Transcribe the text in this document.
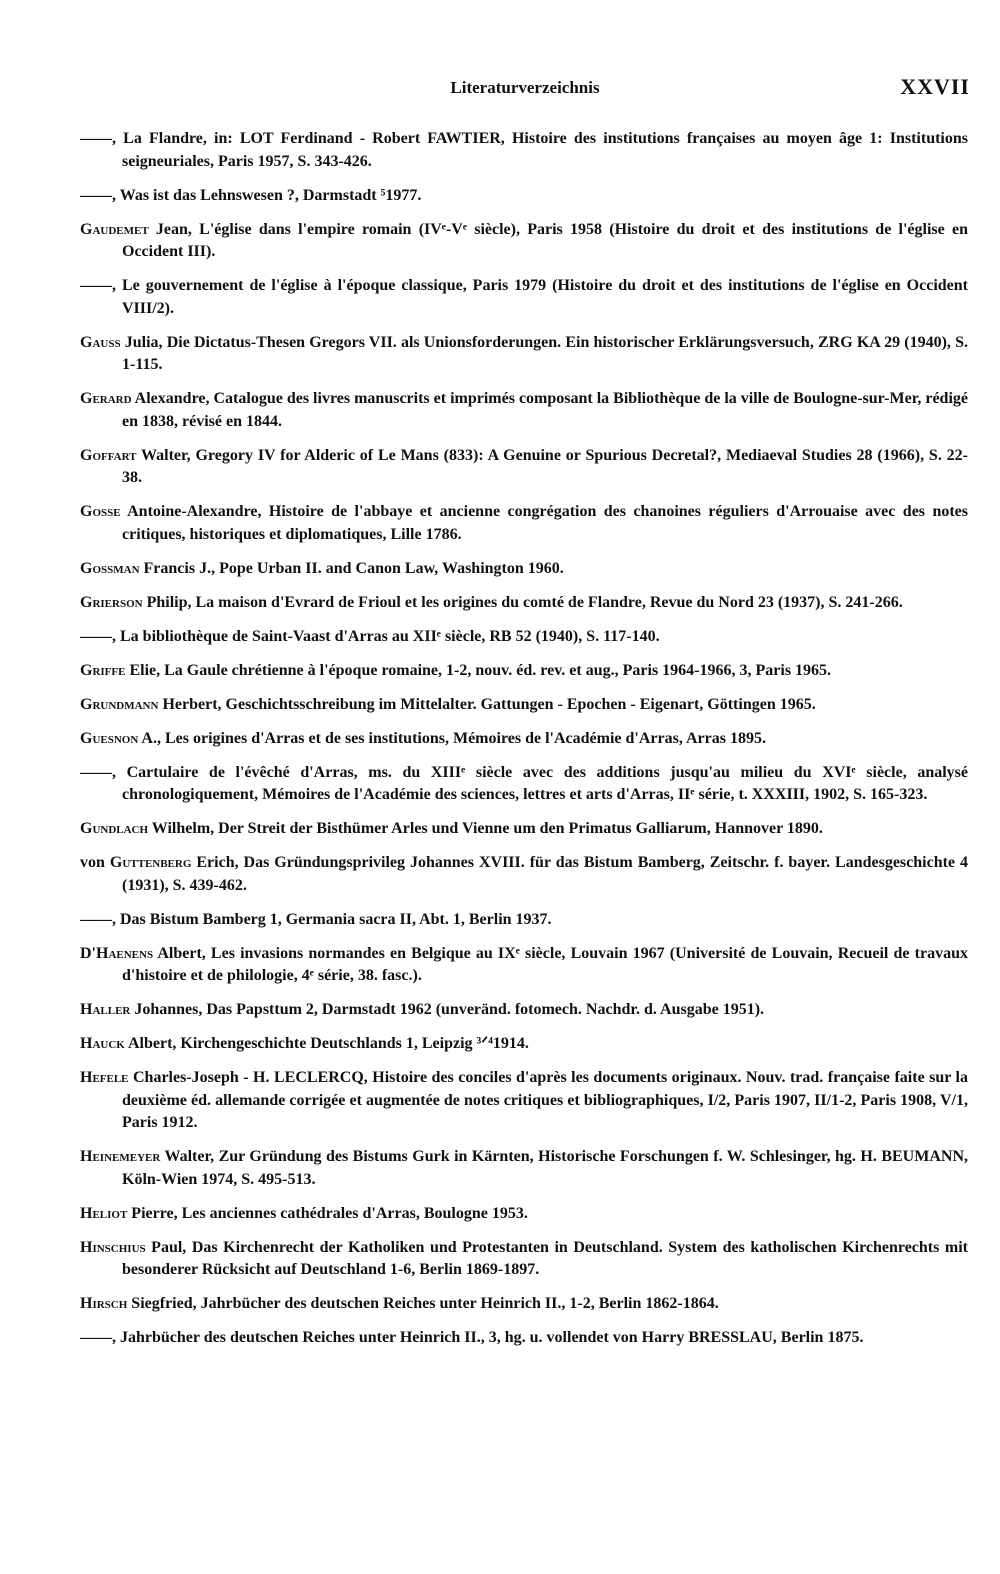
Literaturverzeichnis	XXVII

——, La Flandre, in: LOT Ferdinand - Robert FAWTIER, Histoire des institutions françaises au moyen âge 1: Institutions seigneuriales, Paris 1957, S. 343-426.

——, Was ist das Lehnswesen ?, Darmstadt ⁵1977.

Gaudemet Jean, L'église dans l'empire romain (IVᵉ-Vᵉ siècle), Paris 1958 (Histoire du droit et des institutions de l'église en Occident III).

——, Le gouvernement de l'église à l'époque classique, Paris 1979 (Histoire du droit et des institutions de l'église en Occident VIII/2).

Gauss Julia, Die Dictatus-Thesen Gregors VII. als Unionsforderungen. Ein historischer Erklärungsversuch, ZRG KA 29 (1940), S. 1-115.

Gerard Alexandre, Catalogue des livres manuscrits et imprimés composant la Bibliothèque de la ville de Boulogne-sur-Mer, rédigé en 1838, révisé en 1844.

Goffart Walter, Gregory IV for Alderic of Le Mans (833): A Genuine or Spurious Decretal?, Mediaeval Studies 28 (1966), S. 22-38.

Gosse Antoine-Alexandre, Histoire de l'abbaye et ancienne congrégation des chanoines réguliers d'Arrouaise avec des notes critiques, historiques et diplomatiques, Lille 1786.

Gossman Francis J., Pope Urban II. and Canon Law, Washington 1960.

Grierson Philip, La maison d'Evrard de Frioul et les origines du comté de Flandre, Revue du Nord 23 (1937), S. 241-266.

——, La bibliothèque de Saint-Vaast d'Arras au XIIᵉ siècle, RB 52 (1940), S. 117-140.

Griffe Elie, La Gaule chrétienne à l'époque romaine, 1-2, nouv. éd. rev. et aug., Paris 1964-1966, 3, Paris 1965.

Grundmann Herbert, Geschichtsschreibung im Mittelalter. Gattungen - Epochen - Eigenart, Göttingen 1965.

Guesnon A., Les origines d'Arras et de ses institutions, Mémoires de l'Académie d'Arras, Arras 1895.

——, Cartulaire de l'évêché d'Arras, ms. du XIIIᵉ siècle avec des additions jusqu'au milieu du XVIᵉ siècle, analysé chronologiquement, Mémoires de l'Académie des sciences, lettres et arts d'Arras, IIᵉ série, t. XXXIII, 1902, S. 165-323.

Gundlach Wilhelm, Der Streit der Bisthümer Arles und Vienne um den Primatus Galliarum, Hannover 1890.

von Guttenberg Erich, Das Gründungsprivileg Johannes XVIII. für das Bistum Bamberg, Zeitschr. f. bayer. Landesgeschichte 4 (1931), S. 439-462.

——, Das Bistum Bamberg 1, Germania sacra II, Abt. 1, Berlin 1937.

D'Haenens Albert, Les invasions normandes en Belgique au IXᵉ siècle, Louvain 1967 (Université de Louvain, Recueil de travaux d'histoire et de philologie, 4ᵉ série, 38. fasc.).

Haller Johannes, Das Papsttum 2, Darmstadt 1962 (unveränd. fotomech. Nachdr. d. Ausgabe 1951).

Hauck Albert, Kirchengeschichte Deutschlands 1, Leipzig ³ᐟ⁴1914.

Hefele Charles-Joseph - H. LECLERCQ, Histoire des conciles d'après les documents originaux. Nouv. trad. française faite sur la deuxième éd. allemande corrigée et augmentée de notes critiques et bibliographiques, I/2, Paris 1907, II/1-2, Paris 1908, V/1, Paris 1912.

Heinemeyer Walter, Zur Gründung des Bistums Gurk in Kärnten, Historische Forschungen f. W. Schlesinger, hg. H. BEUMANN, Köln-Wien 1974, S. 495-513.

Heliot Pierre, Les anciennes cathédrales d'Arras, Boulogne 1953.

Hinschius Paul, Das Kirchenrecht der Katholiken und Protestanten in Deutschland. System des katholischen Kirchenrechts mit besonderer Rücksicht auf Deutschland 1-6, Berlin 1869-1897.

Hirsch Siegfried, Jahrbücher des deutschen Reiches unter Heinrich II., 1-2, Berlin 1862-1864.

——, Jahrbücher des deutschen Reiches unter Heinrich II., 3, hg. u. vollendet von Harry BRESSLAU, Berlin 1875.
